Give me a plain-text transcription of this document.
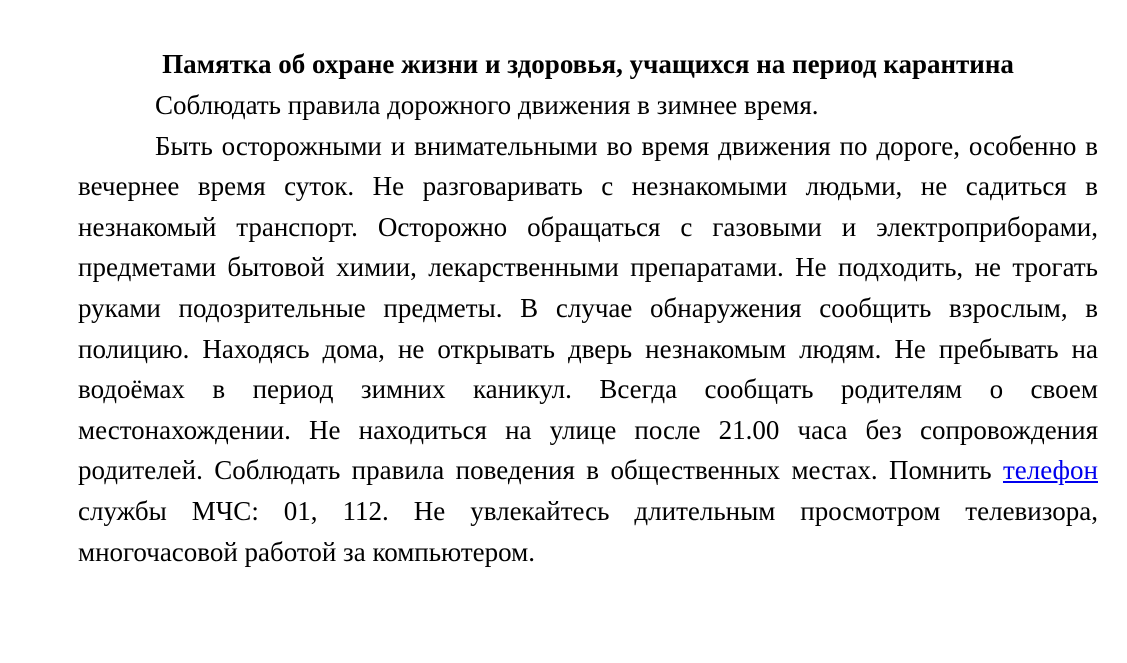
Памятка об охране жизни и здоровья, учащихся на период карантина

Соблюдать правила дорожного движения в зимнее время.

Быть осторожными и внимательными во время движения по дороге, особенно в вечернее время суток. Не разговаривать с незнакомыми людьми, не садиться в незнакомый транспорт. Осторожно обращаться с газовыми и электроприборами, предметами бытовой химии, лекарственными препаратами. Не подходить, не трогать руками подозрительные предметы. В случае обнаружения сообщить взрослым, в полицию. Находясь дома, не открывать дверь незнакомым людям. Не пребывать на водоёмах в период зимних каникул. Всегда сообщать родителям о своем местонахождении. Не находиться на улице после 21.00 часа без сопровождения родителей. Соблюдать правила поведения в общественных местах. Помнить телефон службы МЧС: 01, 112. Не увлекайтесь длительным просмотром телевизора, многочасовой работой за компьютером.
